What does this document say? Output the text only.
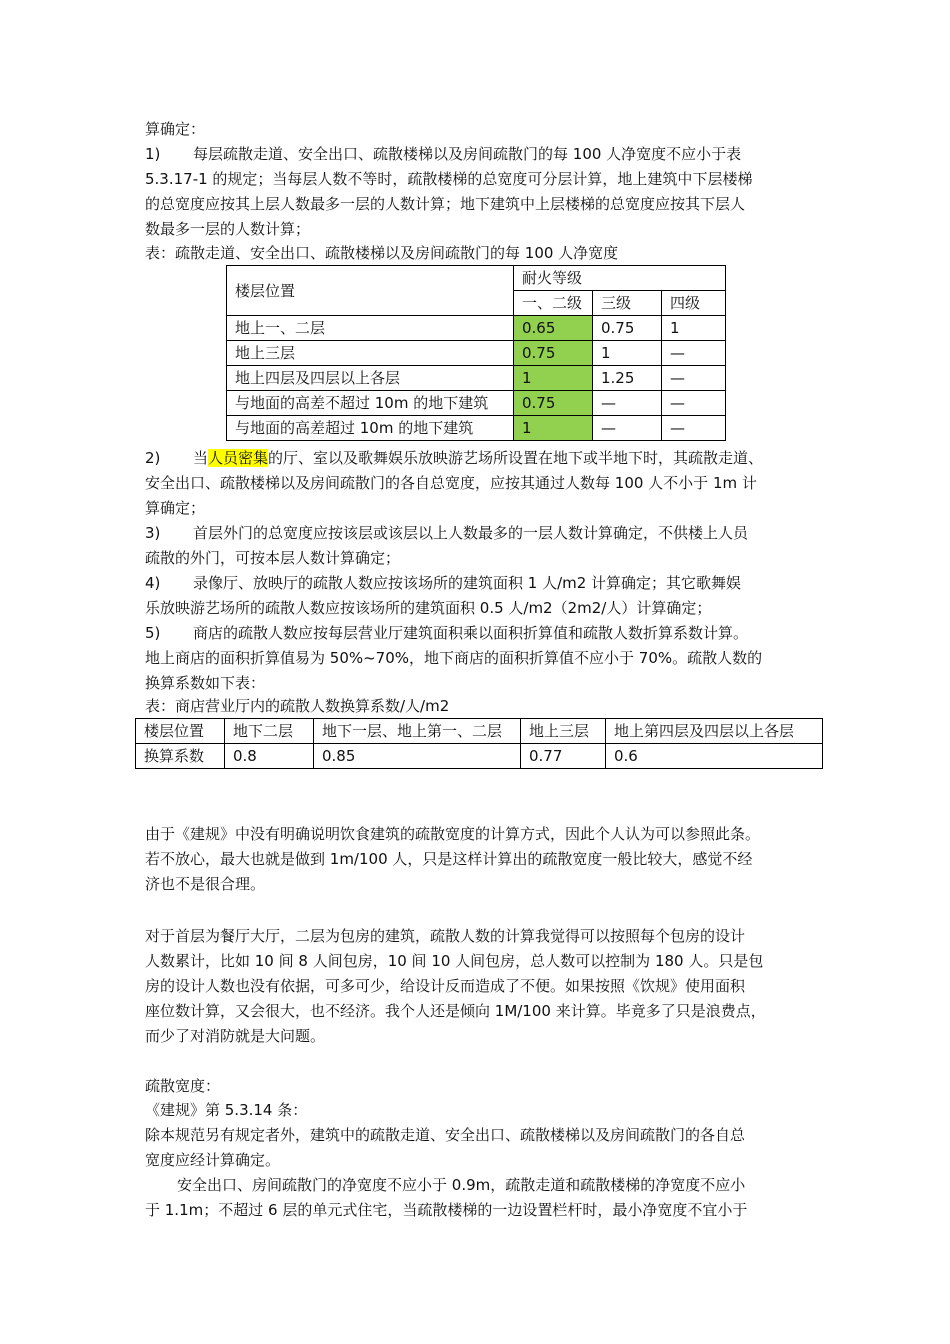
算确定：
1) 每层疏散走道、安全出口、疏散楼梯以及房间疏散门的每 100 人净宽度不应小于表
5.3.17-1 的规定；当每层人数不等时，疏散楼梯的总宽度可分层计算，地上建筑中下层楼梯
的总宽度应按其上层人数最多一层的人数计算；地下建筑中上层楼梯的总宽度应按其下层人
数最多一层的人数计算；
表：疏散走道、安全出口、疏散楼梯以及房间疏散门的每 100 人净宽度
楼层位置	耐火等级		
	一、二级	三级	四级
地上一、二层	0.65	0.75	1
地上三层	0.75	1	—
地上四层及四层以上各层	1	1.25	—
与地面的高差不超过 10m 的地下建筑	0.75	—	—
与地面的高差超过 10m 的地下建筑	1	—	—
2) 当人员密集的厅、室以及歌舞娱乐放映游艺场所设置在地下或半地下时，其疏散走道、
安全出口、疏散楼梯以及房间疏散门的各自总宽度，应按其通过人数每 100 人不小于 1m 计
算确定；
3) 首层外门的总宽度应按该层或该层以上人数最多的一层人数计算确定，不供楼上人员
疏散的外门，可按本层人数计算确定；
4) 录像厅、放映厅的疏散人数应按该场所的建筑面积 1 人/m2 计算确定；其它歌舞娱
乐放映游艺场所的疏散人数应按该场所的建筑面积 0.5 人/m2（2m2/人）计算确定；
5) 商店的疏散人数应按每层营业厅建筑面积乘以面积折算值和疏散人数折算系数计算。
地上商店的面积折算值易为 50%~70%，地下商店的面积折算值不应小于 70%。疏散人数的
换算系数如下表：
表：商店营业厅内的疏散人数换算系数/人/m2
楼层位置	地下二层	地下一层、地上第一、二层	地上三层	地上第四层及四层以上各层
换算系数	0.8	0.85	0.77	0.6
由于《建规》中没有明确说明饮食建筑的疏散宽度的计算方式，因此个人认为可以参照此条。
若不放心，最大也就是做到 1m/100 人，只是这样计算出的疏散宽度一般比较大，感觉不经
济也不是很合理。
对于首层为餐厅大厅，二层为包房的建筑，疏散人数的计算我觉得可以按照每个包房的设计
人数累计，比如 10 间 8 人间包房，10 间 10 人间包房，总人数可以控制为 180 人。只是包
房的设计人数也没有依据，可多可少，给设计反而造成了不便。如果按照《饮规》使用面积
座位数计算，又会很大，也不经济。我个人还是倾向 1M/100 来计算。毕竟多了只是浪费点，
而少了对消防就是大问题。
疏散宽度：
《建规》第 5.3.14 条：
除本规范另有规定者外，建筑中的疏散走道、安全出口、疏散楼梯以及房间疏散门的各自总
宽度应经计算确定。
安全出口、房间疏散门的净宽度不应小于 0.9m，疏散走道和疏散楼梯的净宽度不应小
于 1.1m；不超过 6 层的单元式住宅，当疏散楼梯的一边设置栏杆时，最小净宽度不宜小于
